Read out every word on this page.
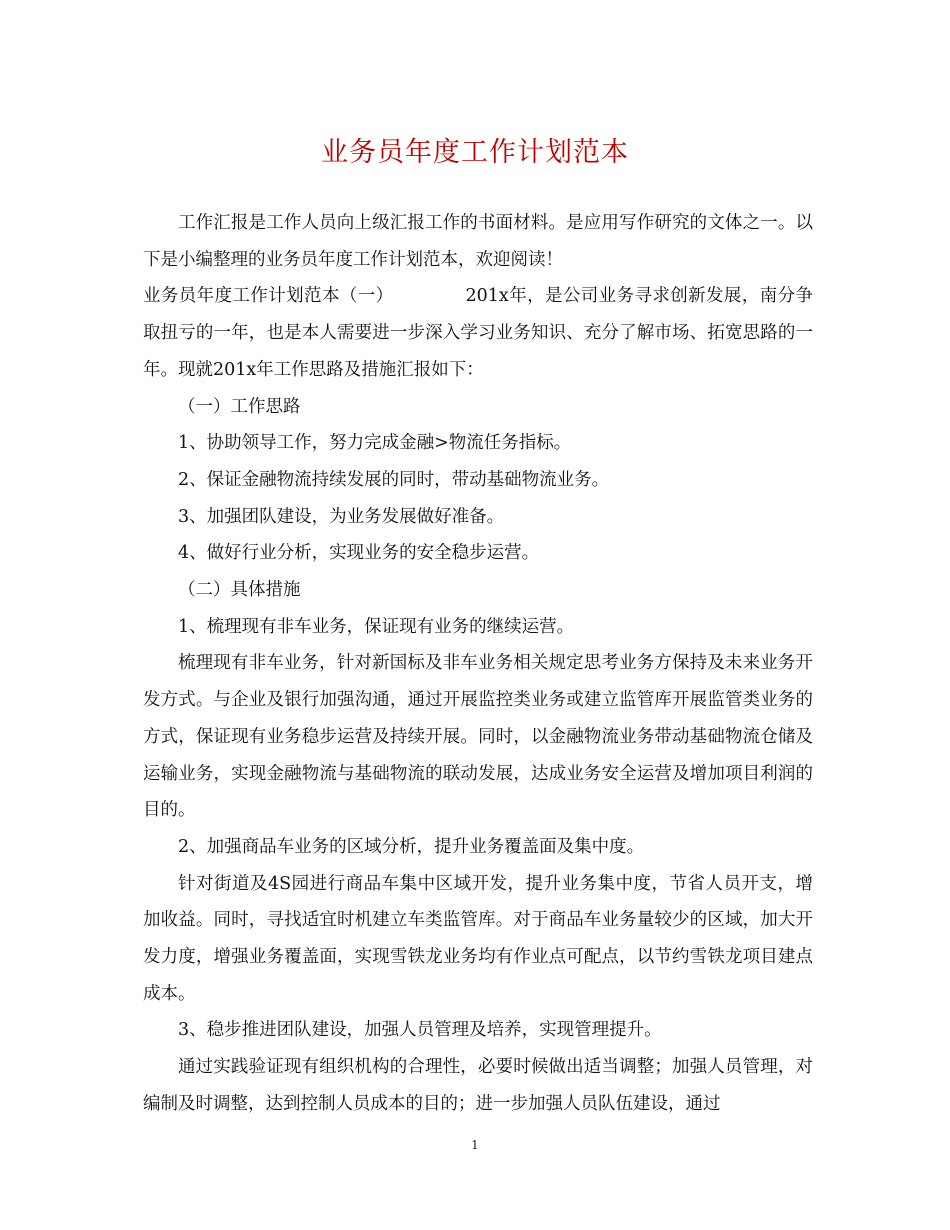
业务员年度工作计划范本

工作汇报是工作人员向上级汇报工作的书面材料。是应用写作研究的文体之一。以下是小编整理的业务员年度工作计划范本，欢迎阅读！

业务员年度工作计划范本（一）	201x年，是公司业务寻求创新发展，南分争取扭亏的一年，也是本人需要进一步深入学习业务知识、充分了解市场、拓宽思路的一年。现就201x年工作思路及措施汇报如下：

（一）工作思路

1、协助领导工作，努力完成金融>物流任务指标。

2、保证金融物流持续发展的同时，带动基础物流业务。

3、加强团队建设，为业务发展做好准备。

4、做好行业分析，实现业务的安全稳步运营。

（二）具体措施

1、梳理现有非车业务，保证现有业务的继续运营。

梳理现有非车业务，针对新国标及非车业务相关规定思考业务方保持及未来业务开发方式。与企业及银行加强沟通，通过开展监控类业务或建立监管库开展监管类业务的方式，保证现有业务稳步运营及持续开展。同时，以金融物流业务带动基础物流仓储及运输业务，实现金融物流与基础物流的联动发展，达成业务安全运营及增加项目利润的目的。

2、加强商品车业务的区域分析，提升业务覆盖面及集中度。

针对街道及4S园进行商品车集中区域开发，提升业务集中度，节省人员开支，增加收益。同时，寻找适宜时机建立车类监管库。对于商品车业务量较少的区域，加大开发力度，增强业务覆盖面，实现雪铁龙业务均有作业点可配点，以节约雪铁龙项目建点成本。

3、稳步推进团队建设，加强人员管理及培养，实现管理提升。

通过实践验证现有组织机构的合理性，必要时候做出适当调整；加强人员管理，对编制及时调整，达到控制人员成本的目的；进一步加强人员队伍建设，通过

1
